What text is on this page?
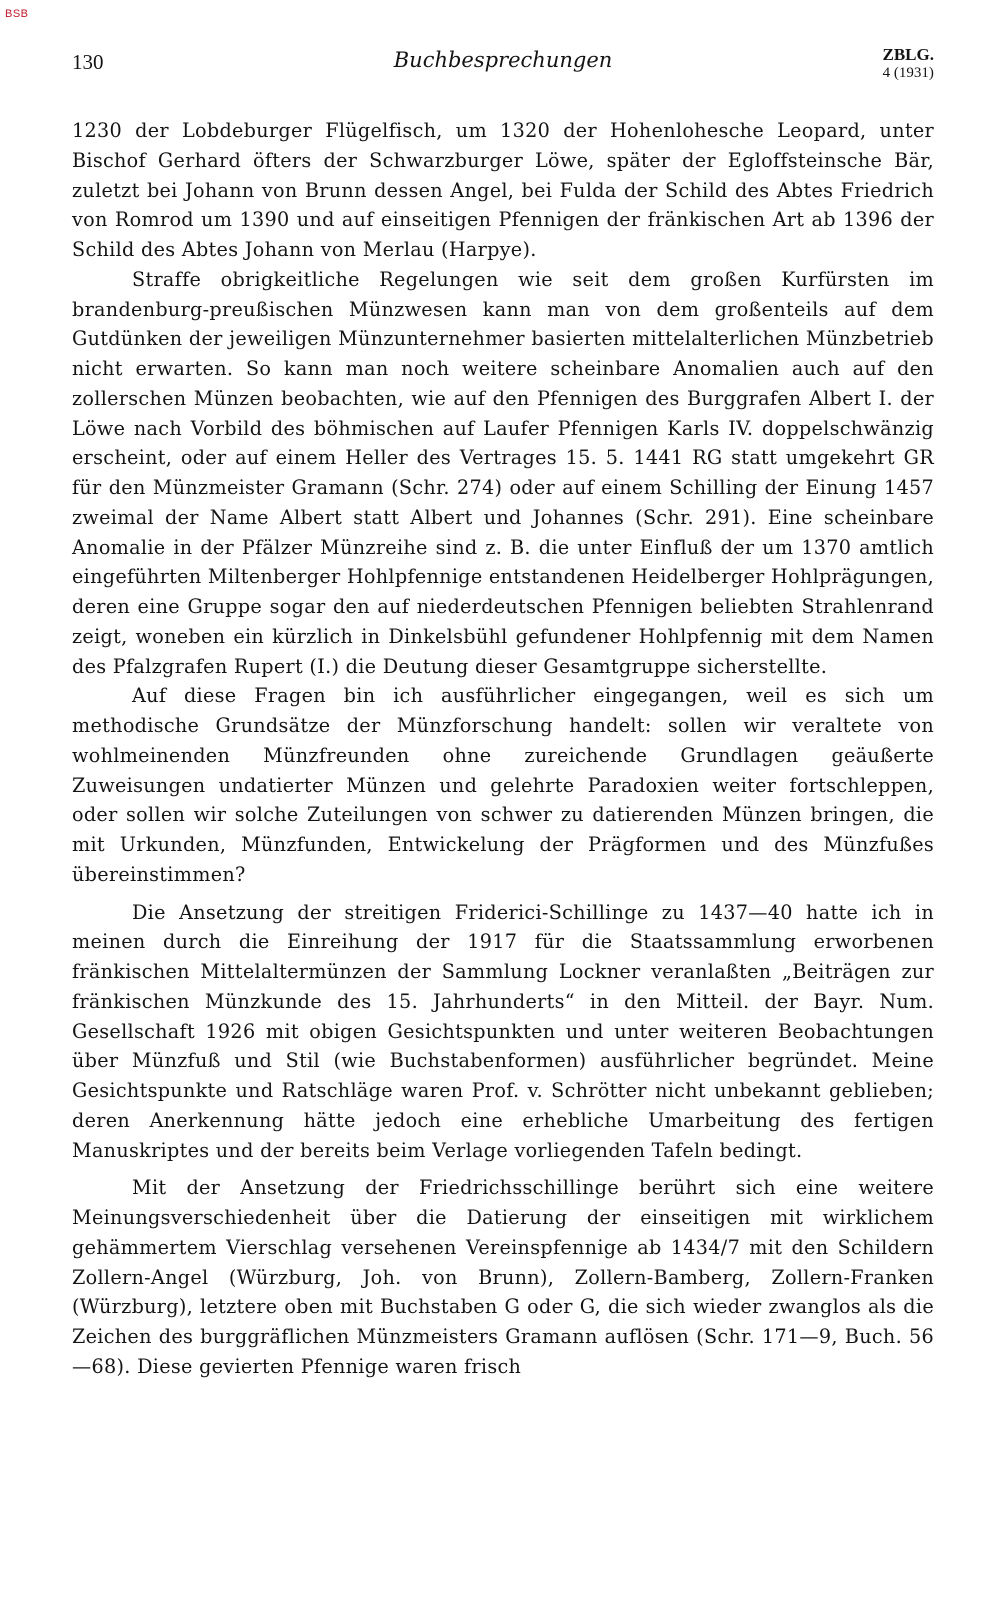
BSB
130	Buchbesprechungen	ZBLG.
4 (1931)

1230 der Lobdeburger Flügelfisch, um 1320 der Hohenlohesche Leopard, unter Bischof Gerhard öfters der Schwarzburger Löwe, später der Egloffsteinsche Bär, zuletzt bei Johann von Brunn dessen Angel, bei Fulda der Schild des Abtes Friedrich von Romrod um 1390 und auf einseitigen Pfennigen der fränkischen Art ab 1396 der Schild des Abtes Johann von Merlau (Harpye).

Straffe obrigkeitliche Regelungen wie seit dem großen Kurfürsten im brandenburg-preußischen Münzwesen kann man von dem großenteils auf dem Gutdünken der jeweiligen Münzunternehmer basierten mittelalterlichen Münzbetrieb nicht erwarten. So kann man noch weitere scheinbare Anomalien auch auf den zollerschen Münzen beobachten, wie auf den Pfennigen des Burggrafen Albert I. der Löwe nach Vorbild des böhmischen auf Laufer Pfennigen Karls IV. doppelschwänzig erscheint, oder auf einem Heller des Vertrages 15. 5. 1441 RG statt umgekehrt GR für den Münzmeister Gramann (Schr. 274) oder auf einem Schilling der Einung 1457 zweimal der Name Albert statt Albert und Johannes (Schr. 291). Eine scheinbare Anomalie in der Pfälzer Münzreihe sind z. B. die unter Einfluß der um 1370 amtlich eingeführten Miltenberger Hohlpfennige entstandenen Heidelberger Hohlprägungen, deren eine Gruppe sogar den auf niederdeutschen Pfennigen beliebten Strahlenrand zeigt, woneben ein kürzlich in Dinkelsbühl gefundener Hohlpfennig mit dem Namen des Pfalzgrafen Rupert (I.) die Deutung dieser Gesamtgruppe sicherstellte.

Auf diese Fragen bin ich ausführlicher eingegangen, weil es sich um methodische Grundsätze der Münzforschung handelt: sollen wir veraltete von wohlmeinenden Münzfreunden ohne zureichende Grundlagen geäußerte Zuweisungen undatierter Münzen und gelehrte Paradoxien weiter fortschleppen, oder sollen wir solche Zuteilungen von schwer zu datierenden Münzen bringen, die mit Urkunden, Münzfunden, Entwickelung der Prägformen und des Münzfußes übereinstimmen?

Die Ansetzung der streitigen Friderici-Schillinge zu 1437—40 hatte ich in meinen durch die Einreihung der 1917 für die Staatssammlung erworbenen fränkischen Mittelaltermünzen der Sammlung Lockner veranlaßten „Beiträgen zur fränkischen Münzkunde des 15. Jahrhunderts“ in den Mitteil. der Bayr. Num. Gesellschaft 1926 mit obigen Gesichtspunkten und unter weiteren Beobachtungen über Münzfuß und Stil (wie Buchstabenformen) ausführlicher begründet. Meine Gesichtspunkte und Ratschläge waren Prof. v. Schrötter nicht unbekannt geblieben; deren Anerkennung hätte jedoch eine erhebliche Umarbeitung des fertigen Manuskriptes und der bereits beim Verlage vorliegenden Tafeln bedingt.

Mit der Ansetzung der Friedrichsschillinge berührt sich eine weitere Meinungsverschiedenheit über die Datierung der einseitigen mit wirklichem gehämmertem Vierschlag versehenen Vereinspfennige ab 1434/7 mit den Schildern Zollern-Angel (Würzburg, Joh. von Brunn), Zollern-Bamberg, Zollern-Franken (Würzburg), letztere oben mit Buchstaben G oder G, die sich wieder zwanglos als die Zeichen des burggräflichen Münzmeisters Gramann auflösen (Schr. 171—9, Buch. 56—68). Diese gevierten Pfennige waren frisch
